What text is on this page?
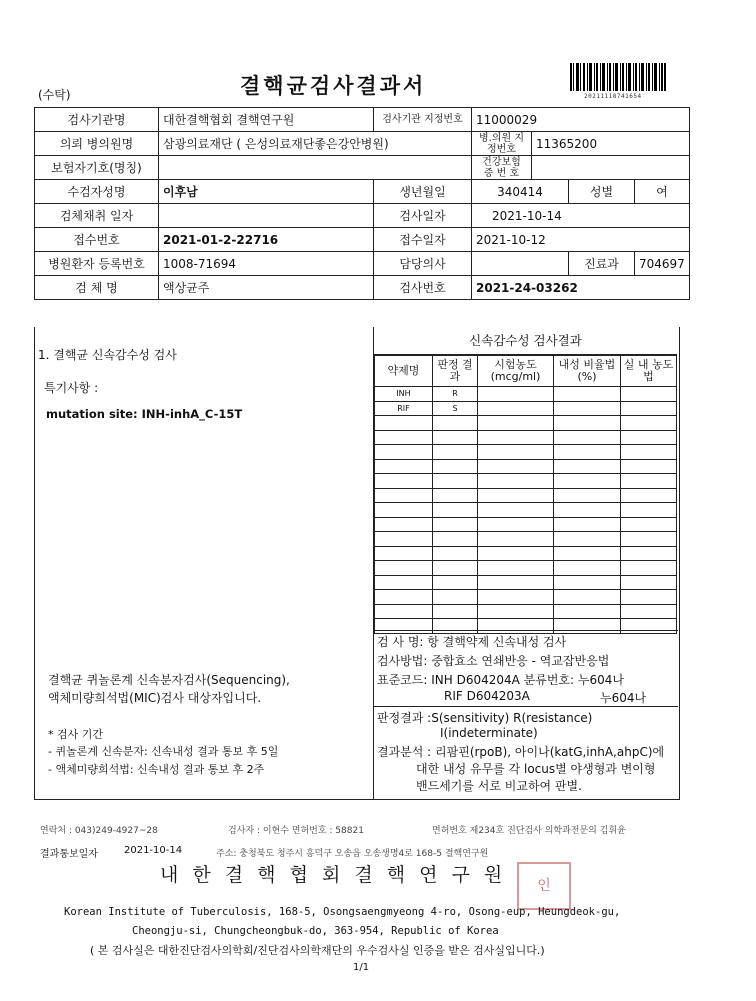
(수탁)	결핵균검사결과서	20211118741654
검사기관명	대한결핵협회 결핵연구원	검사기관 지정번호	11000029			
의뢰 병의원명	삼광의료재단 ( 은성의료재단좋은강안병원)		병.의원 지정번호	11365200		
보험자기호(명칭)			건강보험 증 번 호			
수검자성명	이후남	생년월일	340414		성별	여
검체채취 일자		검사일자	2021-10-14			
접수번호	2021-01-2-22716	접수일자	2021-10-12			
병원환자 등록번호	1008-71694	담당의사			진료과	704697
검 체 명	액상균주	검사번호	2021-24-03262			
1. 결핵균 신속감수성 검사
특기사항 :
mutation site: INH-inhA_C-15T
결핵균 퀴놀론계 신속분자검사(Sequencing),
액체미량희석법(MIC)검사 대상자입니다.
* 검사 기간
- 퀴놀론계 신속분자: 신속내성 결과 통보 후 5일
- 액체미량희석법: 신속내성 결과 통보 후 2주
신속감수성 검사결과
약제명	판정 결과	시험농도 (mcg/ml)	내성 비율법(%)	실 내 농도법
INH	R			
RIF	S			

검 사 명: 항 결핵약제 신속내성 검사
검사방법: 중합효소 연쇄반응 - 역교잡반응법
표준코드: INH D604204A 분류번호: 누604나
RIF D604203A	누604나
판정결과 :S(sensitivity) R(resistance)
I(indeterminate)
결과분석 : 리팜핀(rpoB), 아이나(katG,inhA,ahpC)에
대한 내성 유무를 각 locus별 야생형과 변이형
밴드세기를 서로 비교하여 판별.
연락처 : 043)249-4927~28	검사자 : 이현수 면허번호 : 58821	면허번호 제234호 진단검사 의학과전문의 김휘윤
결과통보일자	2021-10-14	주소: 충청북도 청주시 흥덕구 오송읍 오송생명4로 168-5 결핵연구원
내 한 결 핵 협 회 결 핵 연 구 원	인
Korean Institute of Tuberculosis, 168-5, Osongsaengmyeong 4-ro, Osong-eup, Heungdeok-gu,
Cheongju-si, Chungcheongbuk-do, 363-954, Republic of Korea
( 본 검사실은 대한진단검사의학회/진단검사의학재단의 우수검사실 인증을 받은 검사실입니다.)
1/1
